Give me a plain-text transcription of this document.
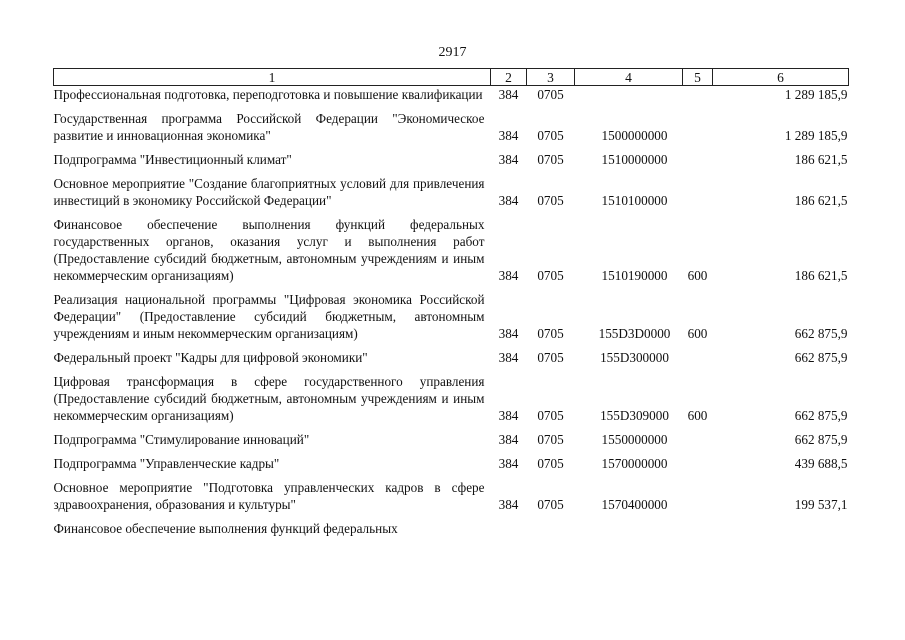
2917
1	2	3	4	5	6
Профессиональная подготовка, переподготовка и повышение квалификации	384	0705			1 289 185,9
Государственная программа Российской Федерации "Экономическое развитие и инновационная экономика"	384	0705	1500000000		1 289 185,9
Подпрограмма "Инвестиционный климат"	384	0705	1510000000		186 621,5
Основное мероприятие "Создание благоприятных условий для привлечения инвестиций в экономику Российской Федерации"	384	0705	1510100000		186 621,5
Финансовое обеспечение выполнения функций федеральных государственных органов, оказания услуг и выполнения работ (Предоставление субсидий бюджетным, автономным учреждениям и иным некоммерческим организациям)	384	0705	1510190000	600	186 621,5
Реализация национальной программы "Цифровая экономика Российской Федерации" (Предоставление субсидий бюджетным, автономным учреждениям и иным некоммерческим организациям)	384	0705	155D3D0000	600	662 875,9
Федеральный проект "Кадры для цифровой экономики"	384	0705	155D300000		662 875,9
Цифровая трансформация в сфере государственного управления (Предоставление субсидий бюджетным, автономным учреждениям и иным некоммерческим организациям)	384	0705	155D309000	600	662 875,9
Подпрограмма "Стимулирование инноваций"	384	0705	1550000000		662 875,9
Подпрограмма "Управленческие кадры"	384	0705	1570000000		439 688,5
Основное мероприятие "Подготовка управленческих кадров в сфере здравоохранения, образования и культуры"	384	0705	1570400000		199 537,1
Финансовое обеспечение выполнения функций федеральных					
